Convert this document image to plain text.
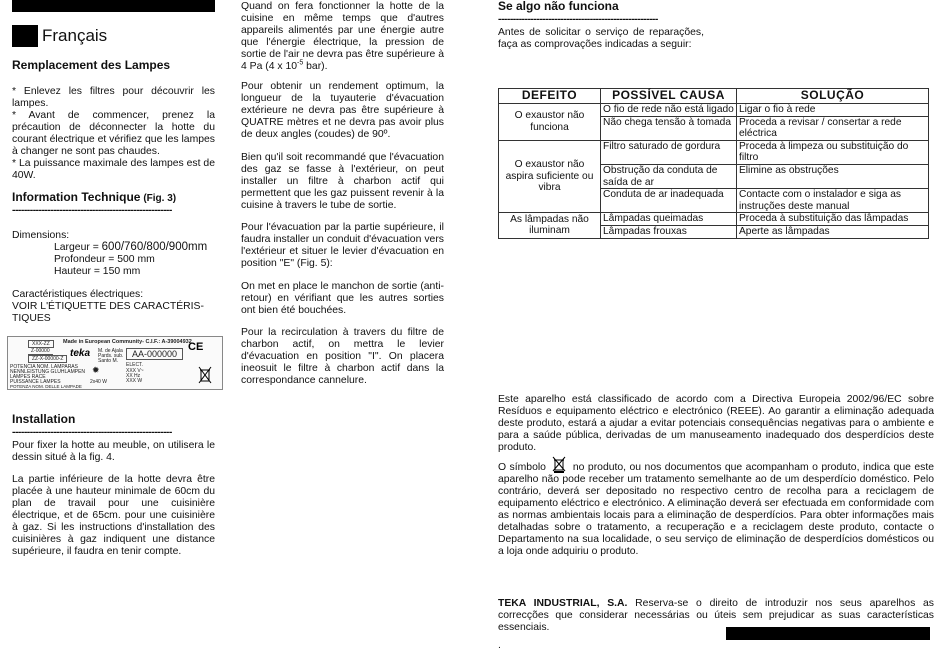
Français
Remplacement des Lampes

* Enlevez les filtres pour découvrir les lampes.
* Avant de commencer, prenez la précaution de déconnecter la hotte du courant électrique et vérifiez que les lampes à changer ne sont pas chaudes.
* La puissance maximale des lampes est de 40W.

Information Technique (Fig. 3)
------------------------------------------------------
Dimensions:
Largeur = 600/760/800/900mm
Profondeur = 500 mm
Hauteur = 150 mm

Caractéristiques électriques:
VOIR L'ÉTIQUETTE DES CARACTÉRIS-
TIQUES

XXX-ZZ
Z-00000
ZZ-X-00000-Z
POTENCIA NOM. LAMPARAS
NENNLEISTUNG GLUHLAMPEN
LAMPES RACE
PUISSANCE LAMPES
POTENZA NOM. DELLE LAMPADE
Made in European Community- C.I.F.: A-39004932
teka M. de Ajala
Pards. sub.
Santo M.
AA-000000
ELECT.
XXX V~
XX Hz
XXX W
2x40 W
CE
✹
Installation
------------------------------------------------------

Pour fixer la hotte au meuble, on utilisera le dessin situé à la fig. 4.

La partie inférieure de la hotte devra être placée à une hauteur minimale de 60cm du plan de travail pour une cuisinière électrique, et de 65cm. pour une cuisinière à gaz. Si les instructions d'installation des cuisinières à gaz indiquent une distance supérieure, il faudra en tenir compte.

Quand on fera fonctionner la hotte de la cuisine en même temps que d'autres appareils alimentés par une énergie autre que l'énergie électrique, la pression de sortie de l'air ne devra pas être supérieure à 4 Pa (4 x $10^{-5}$ bar).

Pour obtenir un rendement optimum, la longueur de la tuyauterie d'évacuation extérieure ne devra pas être supérieure à QUATRE mètres et ne devra pas avoir plus de deux angles (coudes) de 90º.

Bien qu'il soit recommandé que l'évacuation des gaz se fasse à l'extérieur, on peut installer un filtre à charbon actif qui permettent que les gaz puissent revenir à la cuisine à travers le tube de sortie.

Pour l'évacuation par la partie supérieure, il faudra installer un conduit d'évacuation vers l'extérieur et situer le levier d'évacuation en position "E" (Fig. 5):

On met en place le manchon de sortie (anti-retour) en vérifiant que les autres sorties ont bien été bouchées.

Pour la recirculation à travers du filtre de charbon actif, on mettra le levier d'évacuation en position "I". On placera ineosuit le filtre à charbon actif dans la correspondance cannelure.

Se algo não funciona
------------------------------------------------------

Antes de solicitar o serviço de reparações, faça as comprovações indicadas a seguir:

DEFEITO	POSSÍVEL CAUSA	SOLUÇÃO
O exaustor não funciona	O fio de rede não está ligado	Ligar o fio à rede
	Não chega tensão à tomada	Proceda a revisar / consertar a rede eléctrica
O exaustor não aspira suficiente ou vibra	Filtro saturado de gordura	Proceda à limpeza ou substituição do filtro
	Obstrução da conduta de saída de ar	Elimine as obstruções
	Conduta de ar inadequada	Contacte com o instalador e siga as instruções deste manual
As lâmpadas não iluminam	Lâmpadas queimadas	Proceda à substituição das lâmpadas
	Lâmpadas frouxas	Aperte as lâmpadas

Este aparelho está classificado de acordo com a Directiva Europeia 2002/96/EC sobre Resíduos e equipamento eléctrico e electrónico (REEE). Ao garantir a eliminação adequada deste produto, estará a ajudar a evitar potenciais consequências negativas para o ambiente e para a saúde pública, derivadas de um manuseamento inadequado dos desperdícios deste produto.

O símbolo	no produto, ou nos documentos que acompanham o produto, indica que este aparelho não pode receber um tratamento semelhante ao de um desperdício doméstico. Pelo contrário, deverá ser depositado no respectivo centro de recolha para a reciclagem de equipamento eléctrico e electrónico. A eliminação deverá ser efectuada em conformidade com as normas ambientais locais para a eliminação de desperdícios. Para obter informações mais detalhadas sobre o tratamento, a recuperação e a reciclagem deste produto, contacte o Departamento na sua localidade, o seu serviço de eliminação de desperdícios domésticos ou a loja onde adquiriu o produto.

TEKA INDUSTRIAL, S.A. Reserva-se o direito de introduzir nos seus aparelhos as correcções que considerar necessárias ou úteis sem prejudicar as suas características essenciais.

.
